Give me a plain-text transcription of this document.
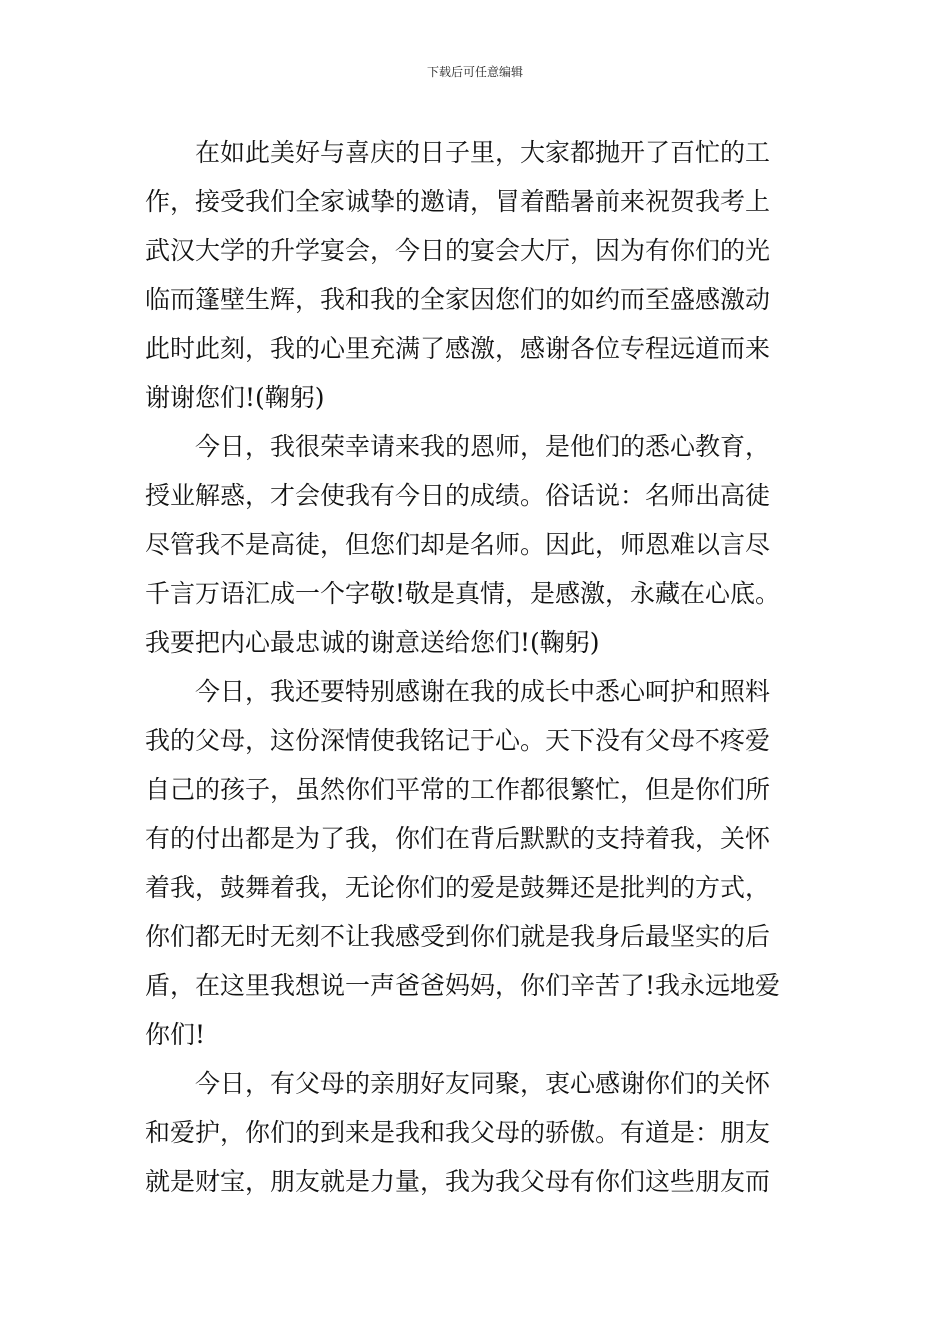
下载后可任意编辑
在如此美好与喜庆的日子里，大家都抛开了百忙的工
作，接受我们全家诚挚的邀请，冒着酷暑前来祝贺我考上
武汉大学的升学宴会，今日的宴会大厅，因为有你们的光
临而篷壁生辉，我和我的全家因您们的如约而至盛感激动
此时此刻，我的心里充满了感激，感谢各位专程远道而来
谢谢您们!(鞠躬)
今日，我很荣幸请来我的恩师，是他们的悉心教育，
授业解惑，才会使我有今日的成绩。俗话说：名师出高徒
尽管我不是高徒，但您们却是名师。因此，师恩难以言尽
千言万语汇成一个字敬!敬是真情，是感激，永藏在心底。
我要把内心最忠诚的谢意送给您们!(鞠躬)
今日，我还要特别感谢在我的成长中悉心呵护和照料
我的父母，这份深情使我铭记于心。天下没有父母不疼爱
自己的孩子，虽然你们平常的工作都很繁忙，但是你们所
有的付出都是为了我，你们在背后默默的支持着我，关怀
着我，鼓舞着我，无论你们的爱是鼓舞还是批判的方式，
你们都无时无刻不让我感受到你们就是我身后最坚实的后
盾，在这里我想说一声爸爸妈妈，你们辛苦了!我永远地爱
你们!
今日，有父母的亲朋好友同聚，衷心感谢你们的关怀
和爱护，你们的到来是我和我父母的骄傲。有道是：朋友
就是财宝，朋友就是力量，我为我父母有你们这些朋友而
